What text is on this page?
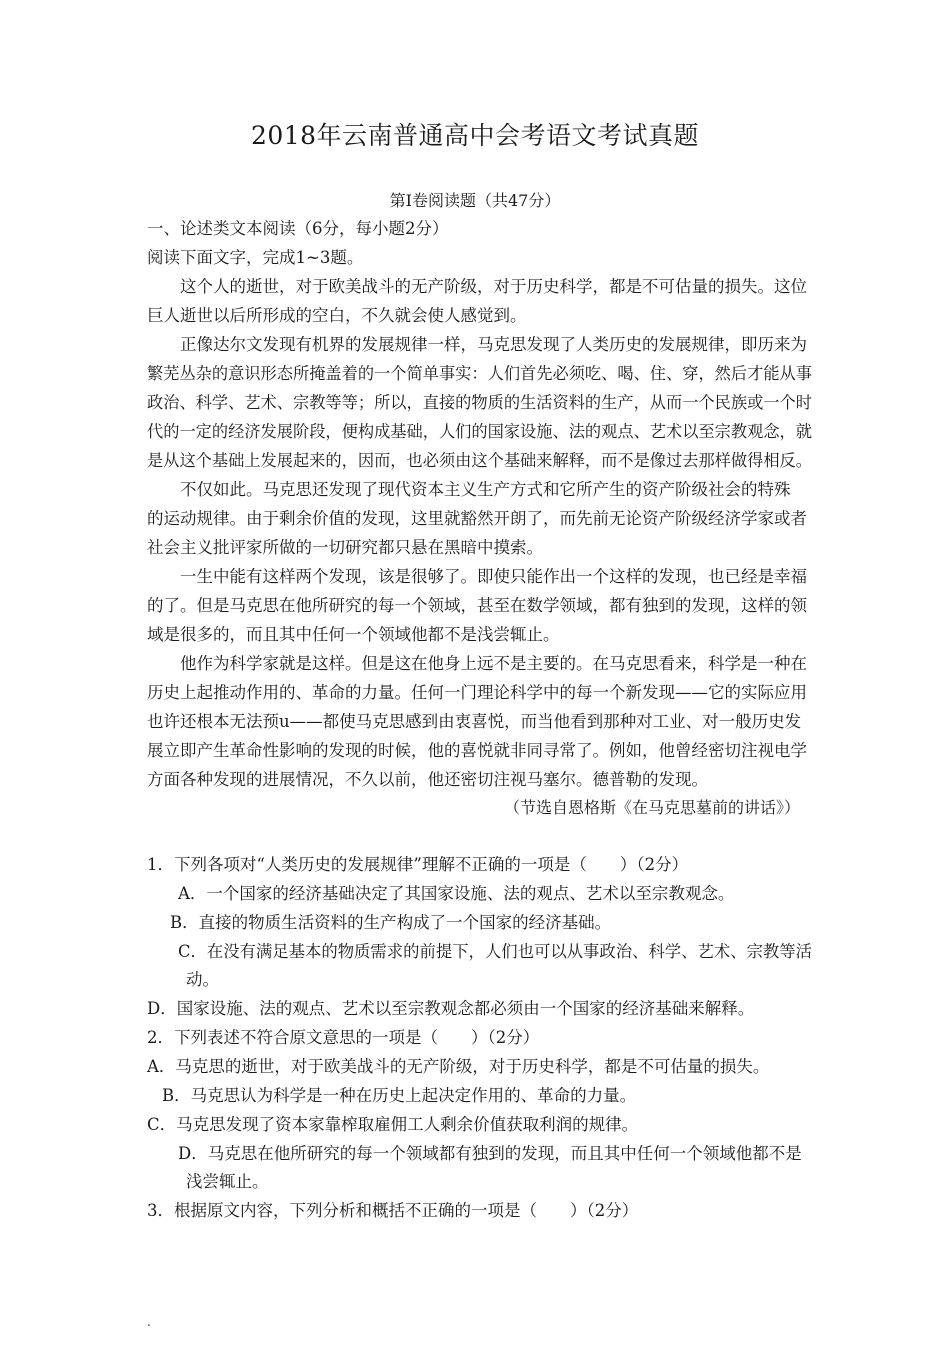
2018年云南普通高中会考语文考试真题
第I卷阅读题（共47分）
一、论述类文本阅读（6分，每小题2分）
阅读下面文字，完成1~3题。
这个人的逝世，对于欧美战斗的无产阶级，对于历史科学，都是不可估量的损失。这位
巨人逝世以后所形成的空白，不久就会使人感觉到。
正像达尔文发现有机界的发展规律一样，马克思发现了人类历史的发展规律，即历来为
繁芜丛杂的意识形态所掩盖着的一个简单事实：人们首先必须吃、喝、住、穿，然后才能从事
政治、科学、艺术、宗教等等；所以，直接的物质的生活资料的生产，从而一个民族或一个时
代的一定的经济发展阶段，便构成基础，人们的国家设施、法的观点、艺术以至宗教观念，就
是从这个基础上发展起来的，因而，也必须由这个基础来解释，而不是像过去那样做得相反。
不仅如此。马克思还发现了现代资本主义生产方式和它所产生的资产阶级社会的特殊
的运动规律。由于剩余价值的发现，这里就豁然开朗了，而先前无论资产阶级经济学家或者
社会主义批评家所做的一切研究都只悬在黑暗中摸索。
一生中能有这样两个发现，该是很够了。即使只能作出一个这样的发现，也已经是幸福
的了。但是马克思在他所研究的每一个领域，甚至在数学领域，都有独到的发现，这样的领
域是很多的，而且其中任何一个领域他都不是浅尝辄止。
他作为科学家就是这样。但是这在他身上远不是主要的。在马克思看来，科学是一种在
历史上起推动作用的、革命的力量。任何一门理论科学中的每一个新发现——它的实际应用
也许还根本无法预u——都使马克思感到由衷喜悦，而当他看到那种对工业、对一般历史发
展立即产生革命性影响的发现的时候，他的喜悦就非同寻常了。例如，他曾经密切注视电学
方面各种发现的进展情况，不久以前，他还密切注视马塞尔。德普勒的发现。
（节选自恩格斯《在马克思墓前的讲话》）
1．下列各项对“人类历史的发展规律”理解不正确的一项是（　　）（2分）
A．一个国家的经济基础决定了其国家设施、法的观点、艺术以至宗教观念。
B．直接的物质生活资料的生产构成了一个国家的经济基础。
C．在没有满足基本的物质需求的前提下，人们也可以从事政治、科学、艺术、宗教等活
动。
D．国家设施、法的观点、艺术以至宗教观念都必须由一个国家的经济基础来解释。
2．下列表述不符合原文意思的一项是（　　）（2分）
A．马克思的逝世，对于欧美战斗的无产阶级，对于历史科学，都是不可估量的损失。
B．马克思认为科学是一种在历史上起决定作用的、革命的力量。
C．马克思发现了资本家靠榨取雇佣工人剩余价值获取利润的规律。
D．马克思在他所研究的每一个领域都有独到的发现，而且其中任何一个领域他都不是
浅尝辄止。
3．根据原文内容，下列分析和概括不正确的一项是（　　）（2分）
.
